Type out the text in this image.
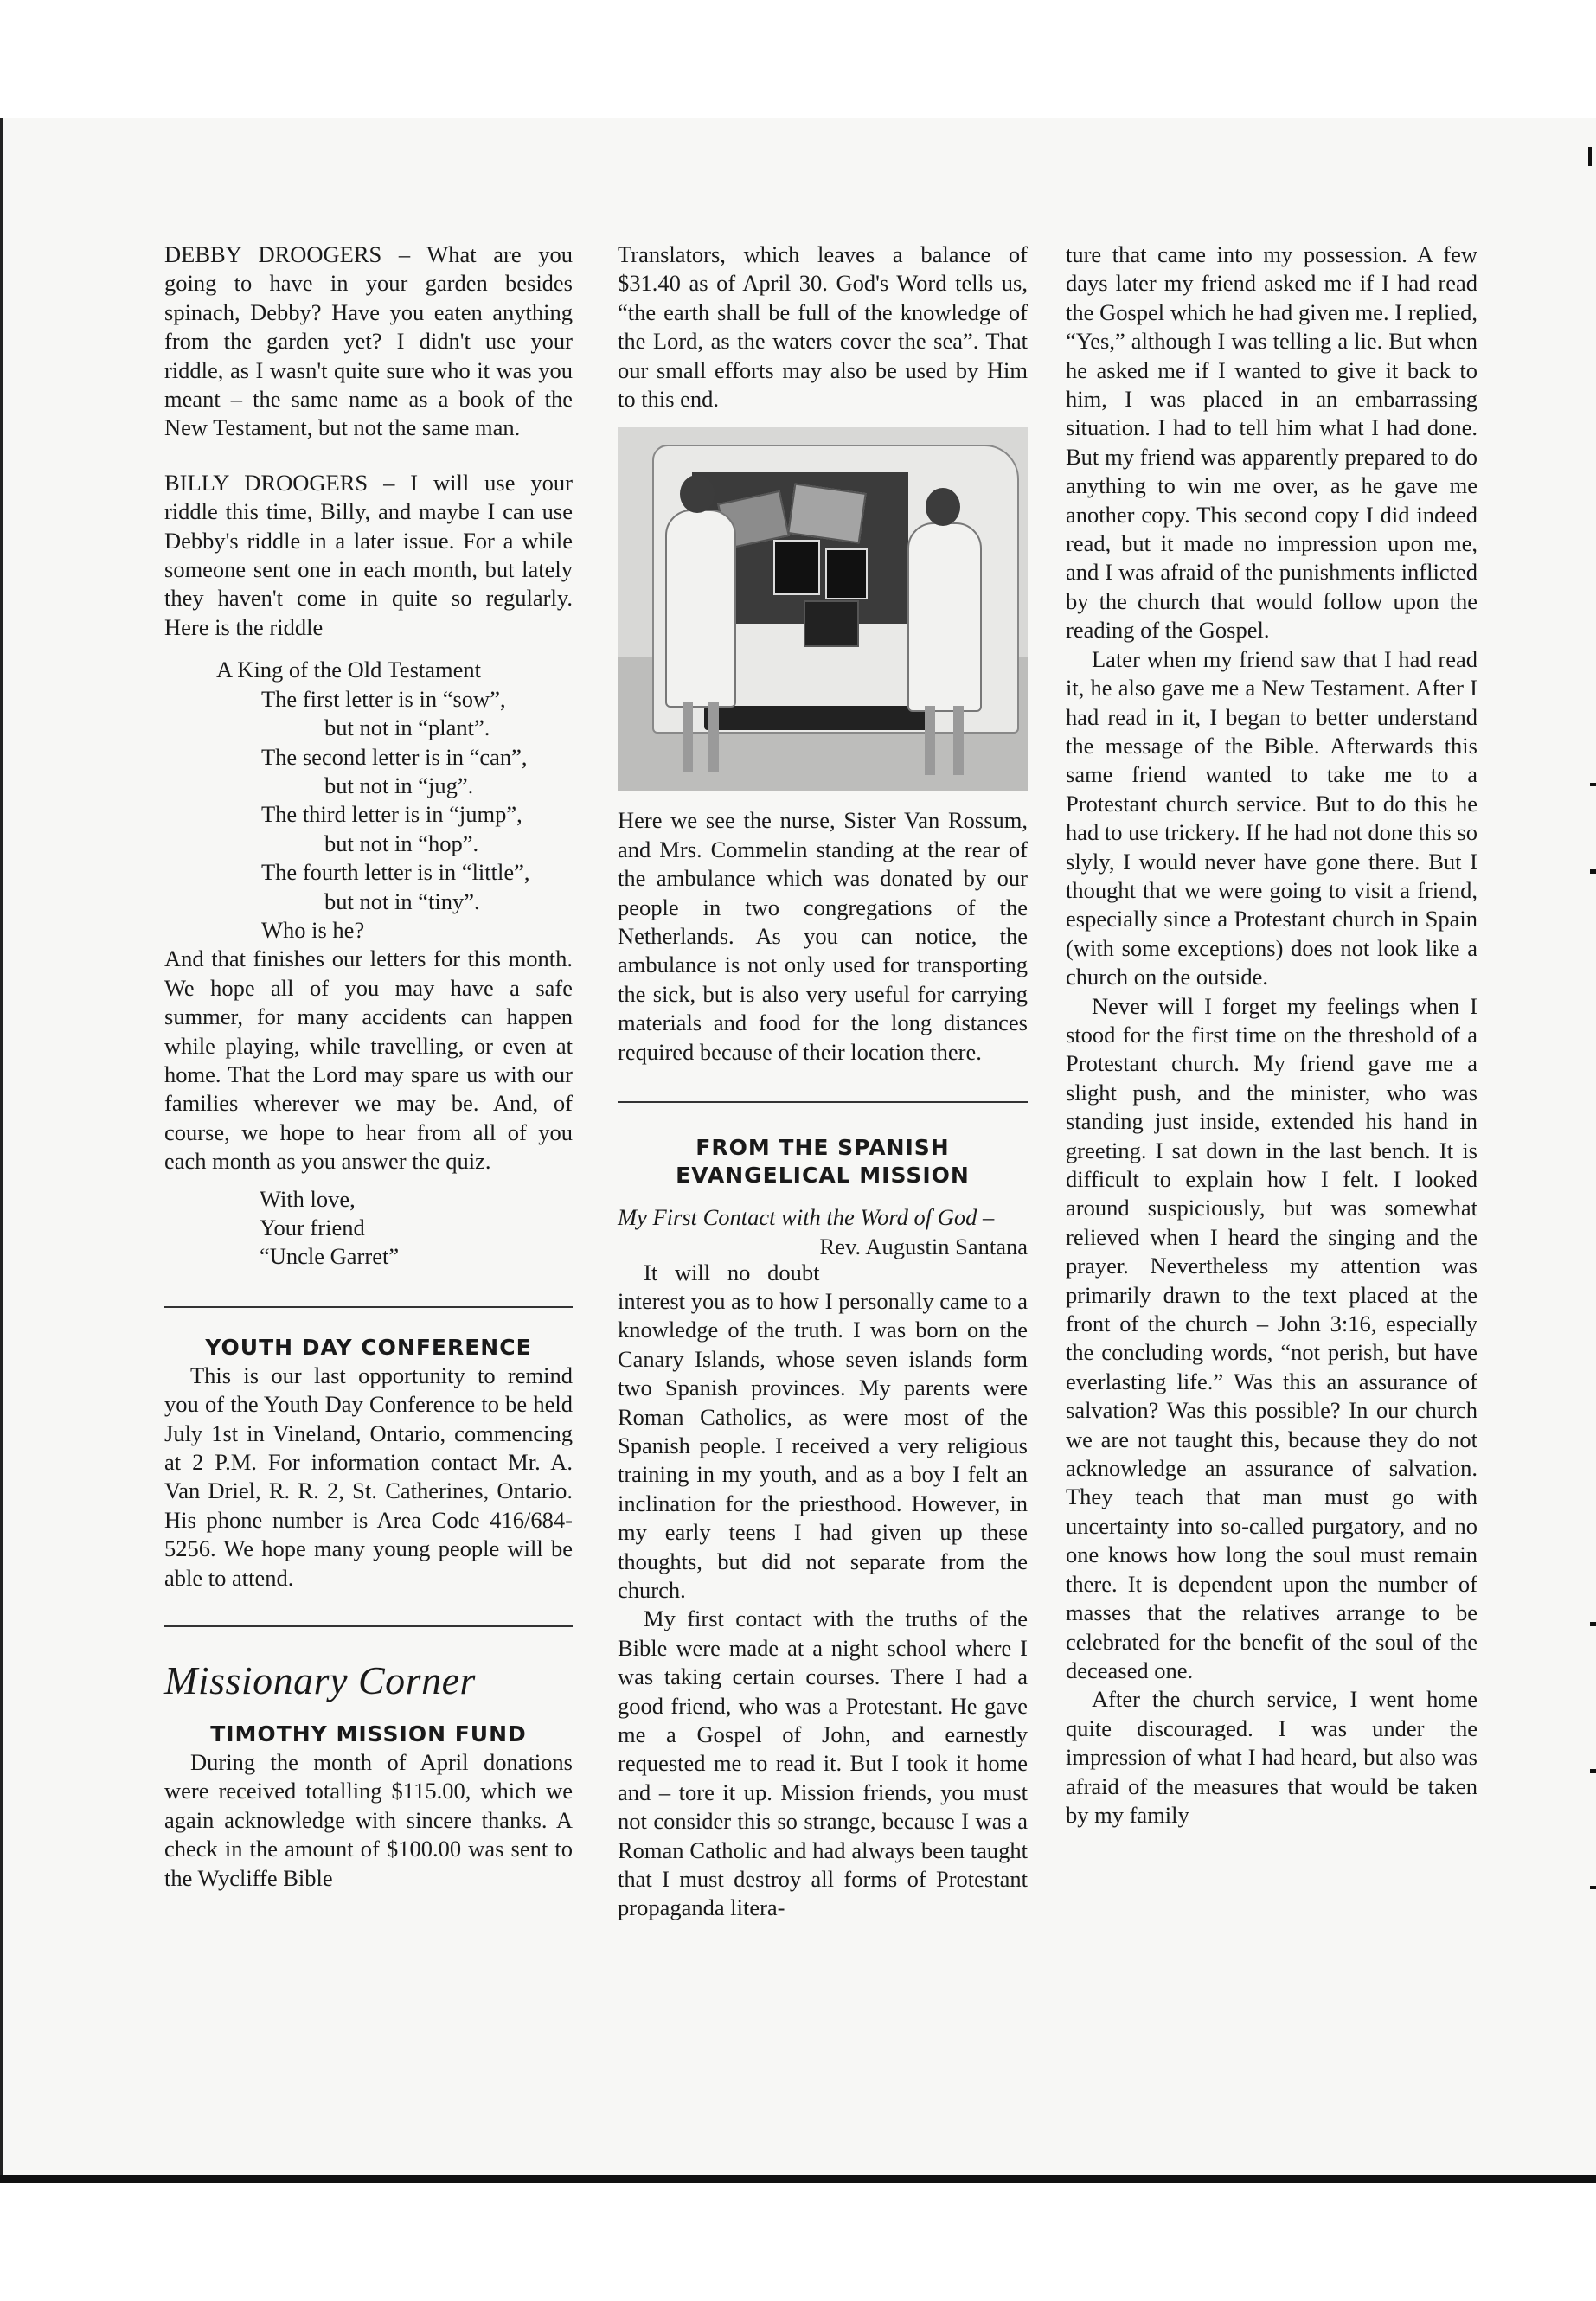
DEBBY DROOGERS – What are you going to have in your garden besides spinach, Debby? Have you eaten anything from the garden yet? I didn't use your riddle, as I wasn't quite sure who it was you meant – the same name as a book of the New Testament, but not the same man.

BILLY DROOGERS – I will use your riddle this time, Billy, and maybe I can use Debby's riddle in a later issue. For a while someone sent one in each month, but lately they haven't come in quite so regularly. Here is the riddle

A King of the Old Testament

The first letter is in “sow”,

but not in “plant”.

The second letter is in “can”,

but not in “jug”.

The third letter is in “jump”,

but not in “hop”.

The fourth letter is in “little”,

but not in “tiny”.

Who is he?

And that finishes our letters for this month. We hope all of you may have a safe summer, for many accidents can happen while playing, while travelling, or even at home. That the Lord may spare us with our families wherever we may be. And, of course, we hope to hear from all of you each month as you answer the quiz.

With love,

Your friend

“Uncle Garret”

YOUTH DAY CONFERENCE

This is our last opportunity to remind you of the Youth Day Conference to be held July 1st in Vineland, Ontario, commencing at 2 P.M. For information contact Mr. A. Van Driel, R. R. 2, St. Catherines, Ontario. His phone number is Area Code 416/684-5256. We hope many young people will be able to attend.

Missionary Corner

TIMOTHY MISSION FUND

During the month of April donations were received totalling $115.00, which we again acknowledge with sincere thanks. A check in the amount of $100.00 was sent to the Wycliffe Bible

Translators, which leaves a balance of $31.40 as of April 30. God's Word tells us, “the earth shall be full of the knowledge of the Lord, as the waters cover the sea”. That our small efforts may also be used by Him to this end.

Here we see the nurse, Sister Van Rossum, and Mrs. Commelin standing at the rear of the ambulance which was donated by our people in two congregations of the Netherlands. As you can notice, the ambulance is not only used for transporting the sick, but is also very useful for carrying materials and food for the long distances required because of their location there.

FROM THE SPANISH

EVANGELICAL MISSION

My First Contact with the Word of God –
Rev. Augustin Santana

It will no doubt interest you as to how I personally came to a knowledge of the truth. I was born on the Canary Islands, whose seven islands form two Spanish provinces. My parents were Roman Catholics, as were most of the Spanish people. I received a very religious training in my youth, and as a boy I felt an inclination for the priesthood. However, in my early teens I had given up these thoughts, but did not separate from the church.

My first contact with the truths of the Bible were made at a night school where I was taking certain courses. There I had a good friend, who was a Protestant. He gave me a Gospel of John, and earnestly requested me to read it. But I took it home and – tore it up. Mission friends, you must not consider this so strange, because I was a Roman Catholic and had always been taught that I must destroy all forms of Protestant propaganda litera-

ture that came into my possession. A few days later my friend asked me if I had read the Gospel which he had given me. I replied, “Yes,” although I was telling a lie. But when he asked me if I wanted to give it back to him, I was placed in an embarrassing situation. I had to tell him what I had done. But my friend was apparently prepared to do anything to win me over, as he gave me another copy. This second copy I did indeed read, but it made no impression upon me, and I was afraid of the punishments inflicted by the church that would follow upon the reading of the Gospel.

Later when my friend saw that I had read it, he also gave me a New Testament. After I had read in it, I began to better understand the message of the Bible. Afterwards this same friend wanted to take me to a Protestant church service. But to do this he had to use trickery. If he had not done this so slyly, I would never have gone there. But I thought that we were going to visit a friend, especially since a Protestant church in Spain (with some exceptions) does not look like a church on the outside.

Never will I forget my feelings when I stood for the first time on the threshold of a Protestant church. My friend gave me a slight push, and the minister, who was standing just inside, extended his hand in greeting. I sat down in the last bench. It is difficult to explain how I felt. I looked around suspiciously, but was somewhat relieved when I heard the singing and the prayer. Nevertheless my attention was primarily drawn to the text placed at the front of the church – John 3:16, especially the concluding words, “not perish, but have everlasting life.” Was this an assurance of salvation? Was this possible? In our church we are not taught this, because they do not acknowledge an assurance of salvation. They teach that man must go with uncertainty into so-called purgatory, and no one knows how long the soul must remain there. It is dependent upon the number of masses that the relatives arrange to be celebrated for the benefit of the soul of the deceased one.

After the church service, I went home quite discouraged. I was under the impression of what I had heard, but also was afraid of the measures that would be taken by my family
